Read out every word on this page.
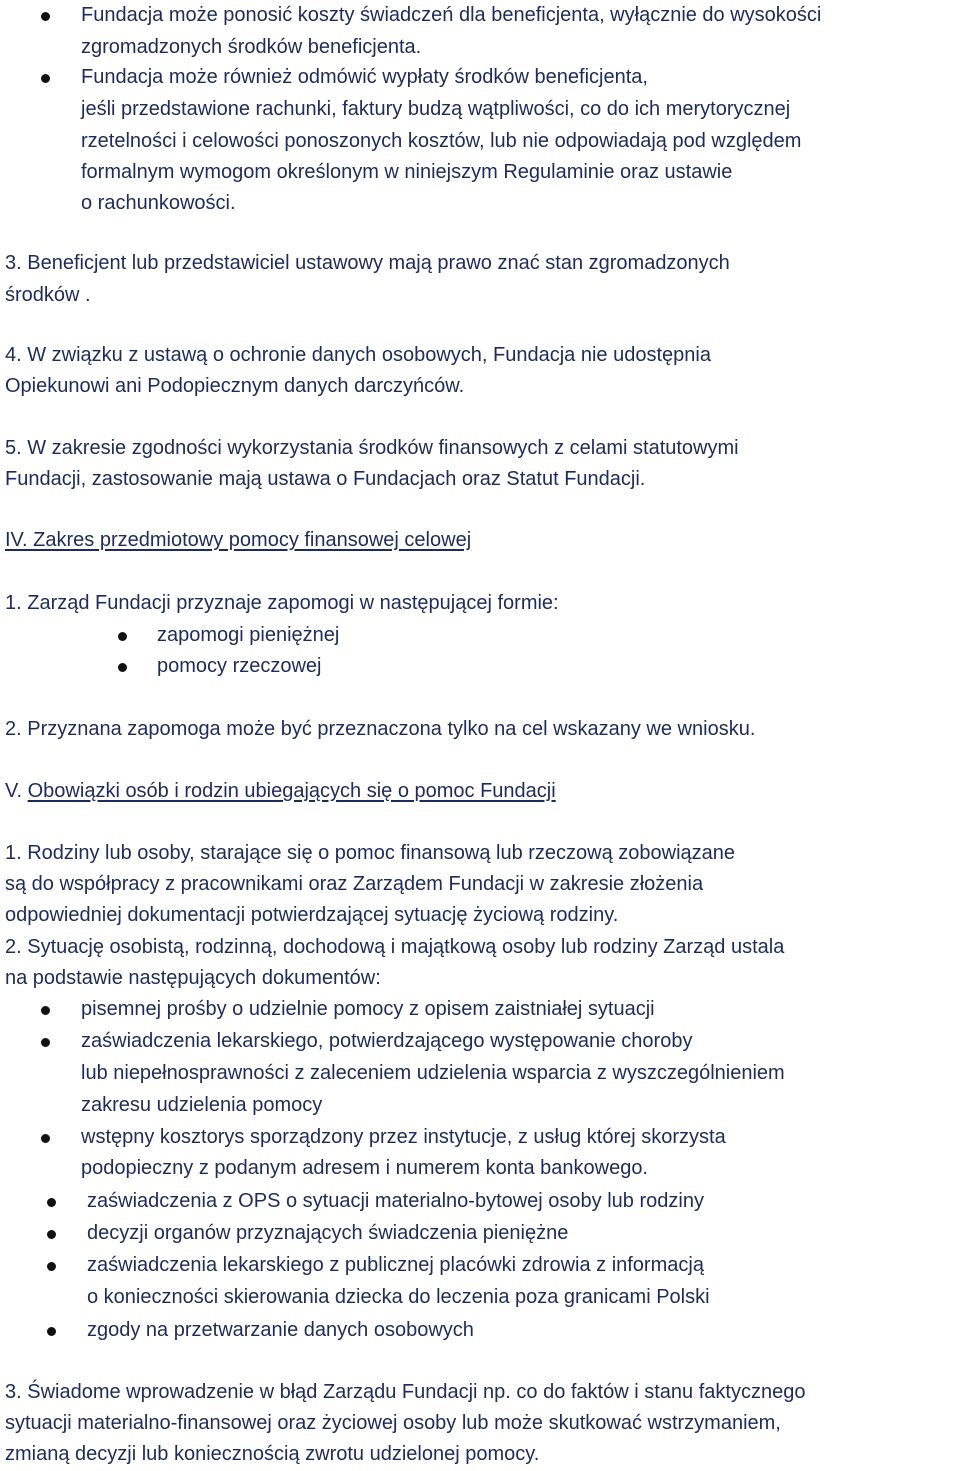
Fundacja może ponosić koszty świadczeń dla beneficjenta, wyłącznie do wysokości
zgromadzonych środków beneficjenta.
Fundacja może również odmówić wypłaty środków beneficjenta,
jeśli przedstawione rachunki, faktury budzą wątpliwości, co do ich merytorycznej
rzetelności i celowości ponoszonych kosztów, lub nie odpowiadają pod względem
formalnym wymogom określonym w niniejszym Regulaminie oraz ustawie
o rachunkowości.
3. Beneficjent lub przedstawiciel ustawowy mają prawo znać stan zgromadzonych
środków .
4. W związku z ustawą o ochronie danych osobowych, Fundacja nie udostępnia
Opiekunowi ani Podopiecznym danych darczyńców.
5. W zakresie zgodności wykorzystania środków finansowych z celami statutowymi
Fundacji, zastosowanie mają ustawa o Fundacjach oraz Statut Fundacji.
IV. Zakres przedmiotowy pomocy finansowej celowej
1. Zarząd Fundacji przyznaje zapomogi w następującej formie:
zapomogi pieniężnej
pomocy rzeczowej
2. Przyznana zapomoga może być przeznaczona tylko na cel wskazany we wniosku.
V. Obowiązki osób i rodzin ubiegających się o pomoc Fundacji
1. Rodziny lub osoby, starające się o pomoc finansową lub rzeczową zobowiązane
są do współpracy z pracownikami oraz Zarządem Fundacji w zakresie złożenia
odpowiedniej dokumentacji potwierdzającej sytuację życiową rodziny.
2. Sytuację osobistą, rodzinną, dochodową i majątkową osoby lub rodziny Zarząd ustala
na podstawie następujących dokumentów:
pisemnej prośby o udzielnie pomocy z opisem zaistniałej sytuacji
zaświadczenia lekarskiego, potwierdzającego występowanie choroby
lub niepełnosprawności z zaleceniem udzielenia wsparcia z wyszczególnieniem
zakresu udzielenia pomocy
wstępny kosztorys sporządzony przez instytucje, z usług której skorzysta
podopieczny z podanym adresem i numerem konta bankowego.
zaświadczenia z OPS o sytuacji materialno-bytowej osoby lub rodziny
decyzji organów przyznających świadczenia pieniężne
zaświadczenia lekarskiego z publicznej placówki zdrowia z informacją
o konieczności skierowania dziecka do leczenia poza granicami Polski
zgody na przetwarzanie danych osobowych
3. Świadome wprowadzenie w błąd Zarządu Fundacji np. co do faktów i stanu faktycznego
sytuacji materialno-finansowej oraz życiowej osoby lub może skutkować wstrzymaniem,
zmianą decyzji lub koniecznością zwrotu udzielonej pomocy.
